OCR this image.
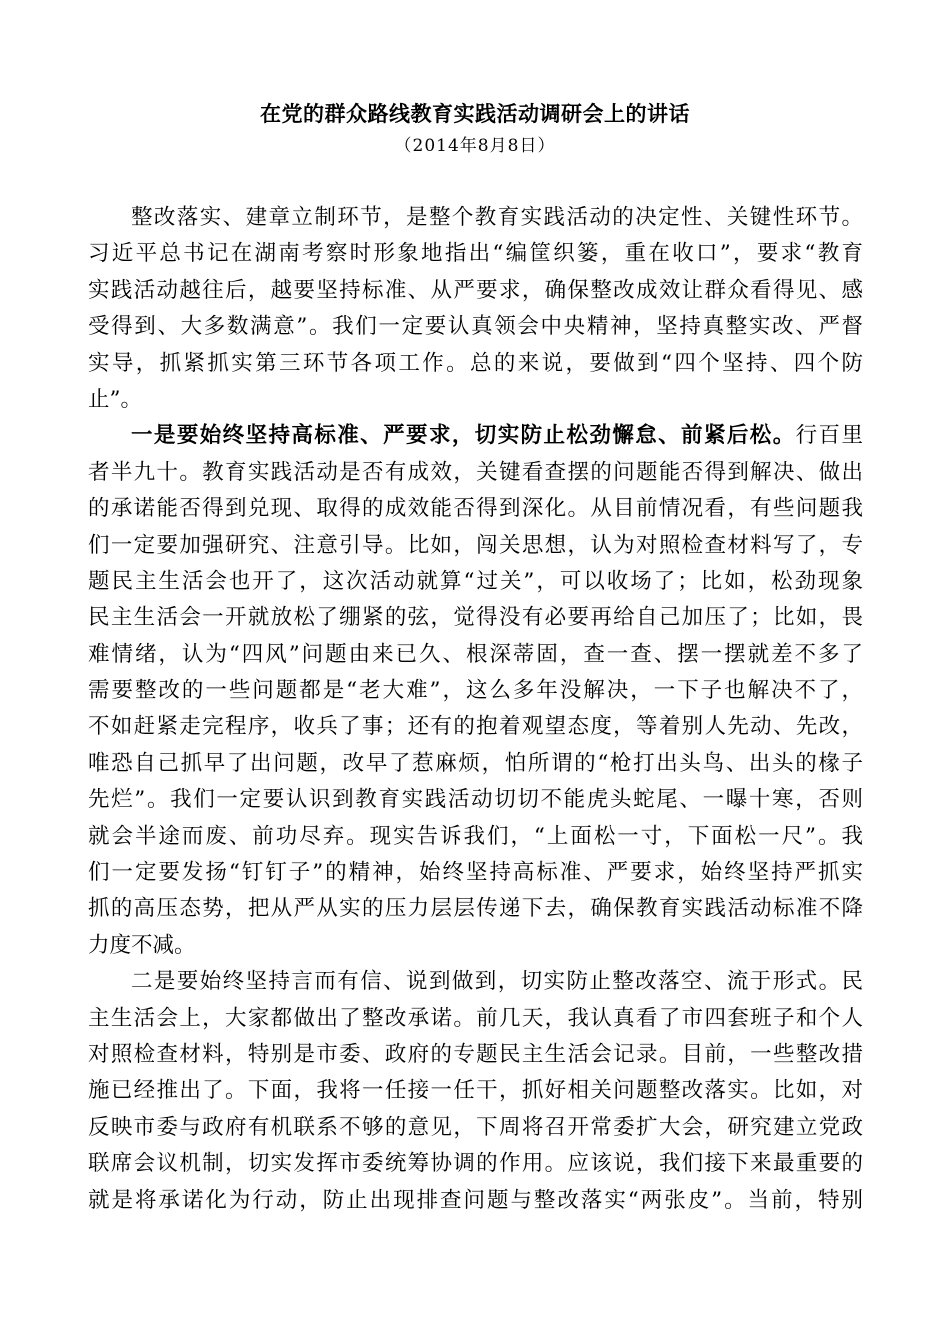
在党的群众路线教育实践活动调研会上的讲话
（2014年8月8日）
整改落实、建章立制环节，是整个教育实践活动的决定性、关键性环节。
习近平总书记在湖南考察时形象地指出“编筐织篓，重在收口”，要求“教育
实践活动越往后，越要坚持标准、从严要求，确保整改成效让群众看得见、感
受得到、大多数满意”。我们一定要认真领会中央精神，坚持真整实改、严督
实导，抓紧抓实第三环节各项工作。总的来说，要做到“四个坚持、四个防
止”。
一是要始终坚持高标准、严要求，切实防止松劲懈怠、前紧后松。行百里
者半九十。教育实践活动是否有成效，关键看查摆的问题能否得到解决、做出
的承诺能否得到兑现、取得的成效能否得到深化。从目前情况看，有些问题我
们一定要加强研究、注意引导。比如，闯关思想，认为对照检查材料写了，专
题民主生活会也开了，这次活动就算“过关”，可以收场了；比如，松劲现象
民主生活会一开就放松了绷紧的弦，觉得没有必要再给自己加压了；比如，畏
难情绪，认为“四风”问题由来已久、根深蒂固，查一查、摆一摆就差不多了
需要整改的一些问题都是“老大难”，这么多年没解决，一下子也解决不了，
不如赶紧走完程序，收兵了事；还有的抱着观望态度，等着别人先动、先改，
唯恐自己抓早了出问题，改早了惹麻烦，怕所谓的“枪打出头鸟、出头的椽子
先烂”。我们一定要认识到教育实践活动切切不能虎头蛇尾、一曝十寒，否则
就会半途而废、前功尽弃。现实告诉我们，“上面松一寸，下面松一尺”。我
们一定要发扬“钉钉子”的精神，始终坚持高标准、严要求，始终坚持严抓实
抓的高压态势，把从严从实的压力层层传递下去，确保教育实践活动标准不降
力度不减。
二是要始终坚持言而有信、说到做到，切实防止整改落空、流于形式。民
主生活会上，大家都做出了整改承诺。前几天，我认真看了市四套班子和个人
对照检查材料，特别是市委、政府的专题民主生活会记录。目前，一些整改措
施已经推出了。下面，我将一任接一任干，抓好相关问题整改落实。比如，对
反映市委与政府有机联系不够的意见，下周将召开常委扩大会，研究建立党政
联席会议机制，切实发挥市委统筹协调的作用。应该说，我们接下来最重要的
就是将承诺化为行动，防止出现排查问题与整改落实“两张皮”。当前，特别
